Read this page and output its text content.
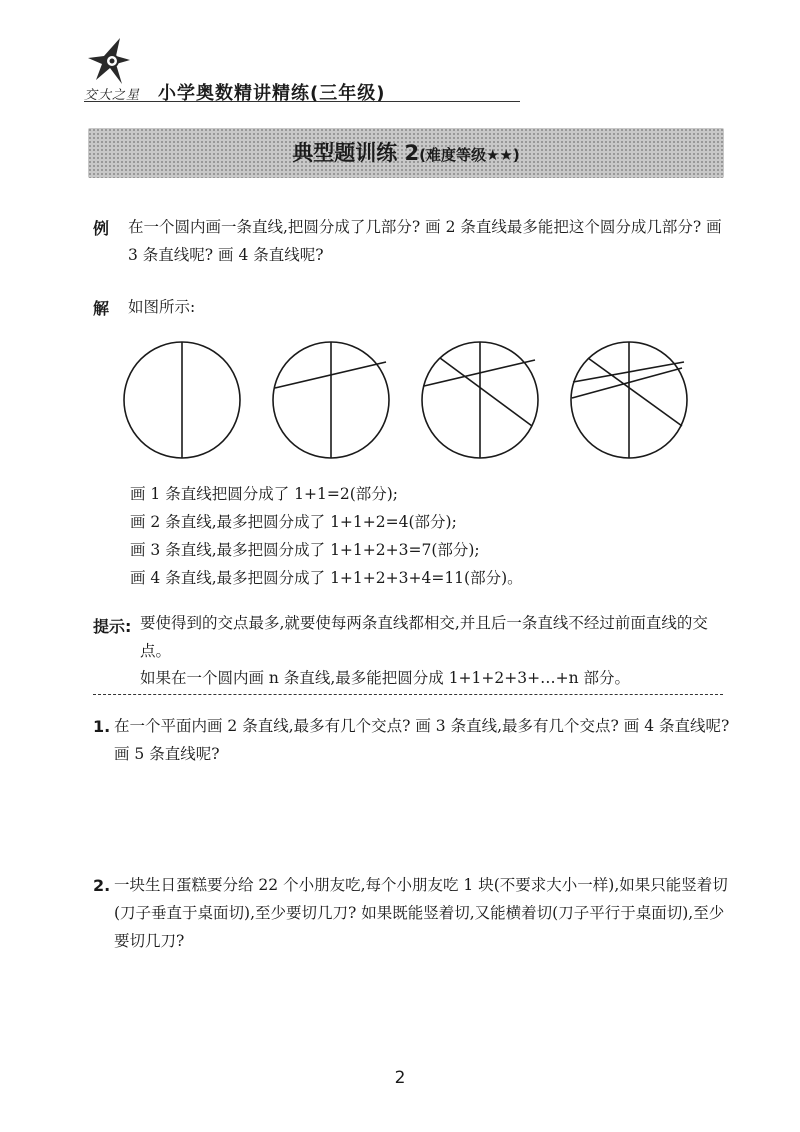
交大之星 小学奥数精讲精练(三年级)
典型题训练 2(难度等级★★)
例 在一个圆内画一条直线,把圆分成了几部分? 画 2 条直线最多能把这个圆分成几部分? 画 3 条直线呢? 画 4 条直线呢?
解 如图所示:
画 1 条直线把圆分成了 1+1=2(部分);
画 2 条直线,最多把圆分成了 1+1+2=4(部分);
画 3 条直线,最多把圆分成了 1+1+2+3=7(部分);
画 4 条直线,最多把圆分成了 1+1+2+3+4=11(部分)。
提示: 要使得到的交点最多,就要使每两条直线都相交,并且后一条直线不经过前面直线的交点。
如果在一个圆内画 n 条直线,最多能把圆分成 1+1+2+3+…+n 部分。
1. 在一个平面内画 2 条直线,最多有几个交点? 画 3 条直线,最多有几个交点? 画 4 条直线呢? 画 5 条直线呢?
2. 一块生日蛋糕要分给 22 个小朋友吃,每个小朋友吃 1 块(不要求大小一样),如果只能竖着切(刀子垂直于桌面切),至少要切几刀? 如果既能竖着切,又能横着切(刀子平行于桌面切),至少要切几刀?
2
